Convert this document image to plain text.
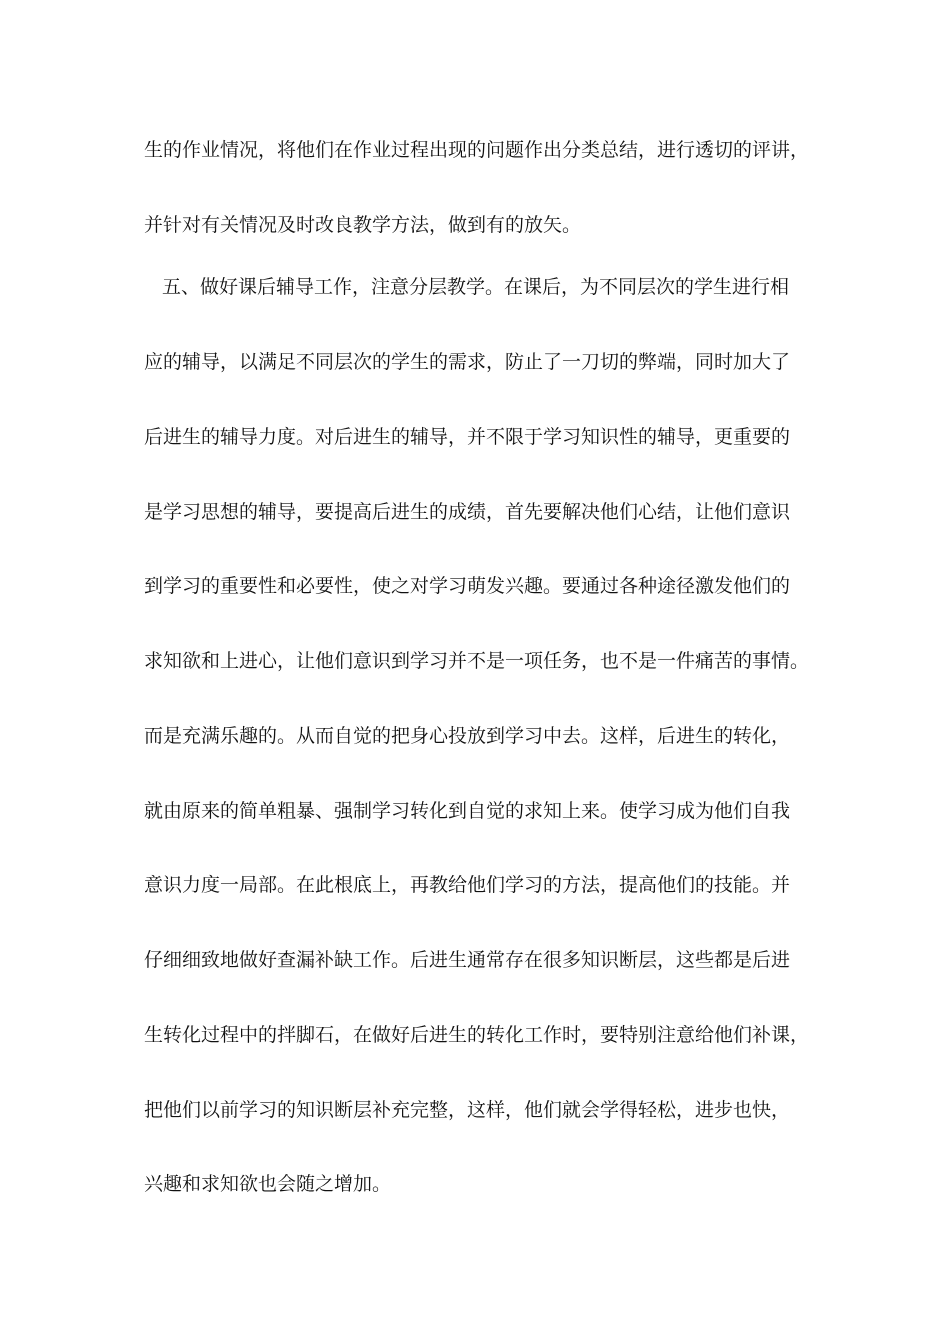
生的作业情况，将他们在作业过程出现的问题作出分类总结，进行透切的评讲，
并针对有关情况及时改良教学方法，做到有的放矢。
五、做好课后辅导工作，注意分层教学。在课后，为不同层次的学生进行相
应的辅导，以满足不同层次的学生的需求，防止了一刀切的弊端，同时加大了
后进生的辅导力度。对后进生的辅导，并不限于学习知识性的辅导，更重要的
是学习思想的辅导，要提高后进生的成绩，首先要解决他们心结，让他们意识
到学习的重要性和必要性，使之对学习萌发兴趣。要通过各种途径激发他们的
求知欲和上进心，让他们意识到学习并不是一项任务，也不是一件痛苦的事情。
而是充满乐趣的。从而自觉的把身心投放到学习中去。这样，后进生的转化，
就由原来的简单粗暴、强制学习转化到自觉的求知上来。使学习成为他们自我
意识力度一局部。在此根底上，再教给他们学习的方法，提高他们的技能。并
仔细细致地做好查漏补缺工作。后进生通常存在很多知识断层，这些都是后进
生转化过程中的拌脚石，在做好后进生的转化工作时，要特别注意给他们补课，
把他们以前学习的知识断层补充完整，这样，他们就会学得轻松，进步也快，
兴趣和求知欲也会随之增加。
